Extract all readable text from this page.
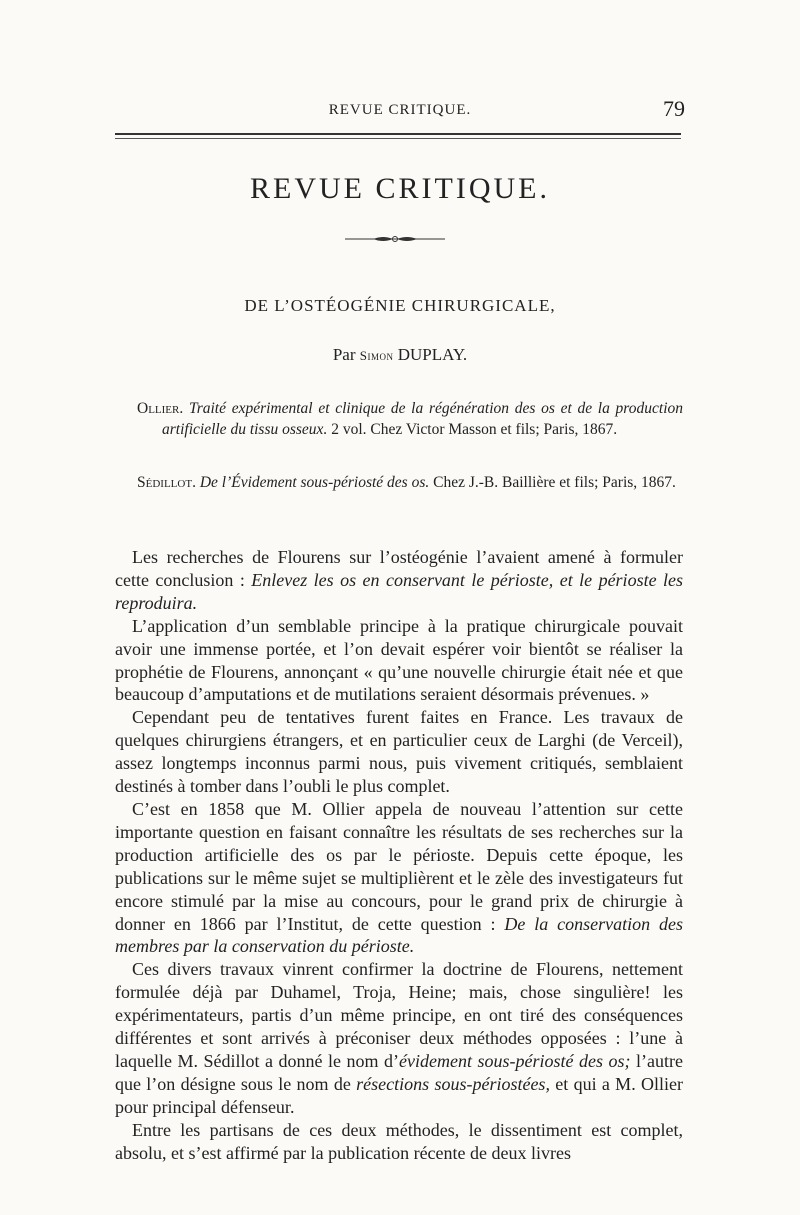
REVUE CRITIQUE.	79
REVUE CRITIQUE.
DE L’OSTÉOGÉNIE CHIRURGICALE,
Par Simon DUPLAY.
Ollier. Traité expérimental et clinique de la régénération des os et de la production artificielle du tissu osseux. 2 vol. Chez Victor Masson et fils; Paris, 1867.
Sédillot. De l’Évidement sous-périosté des os. Chez J.-B. Baillière et fils; Paris, 1867.

Les recherches de Flourens sur l’ostéogénie l’avaient amené à formuler cette conclusion : Enlevez les os en conservant le périoste, et le périoste les reproduira.

L’application d’un semblable principe à la pratique chirurgicale pouvait avoir une immense portée, et l’on devait espérer voir bientôt se réaliser la prophétie de Flourens, annonçant « qu’une nouvelle chirurgie était née et que beaucoup d’amputations et de mutilations seraient désormais prévenues. »

Cependant peu de tentatives furent faites en France. Les travaux de quelques chirurgiens étrangers, et en particulier ceux de Larghi (de Verceil), assez longtemps inconnus parmi nous, puis vivement critiqués, semblaient destinés à tomber dans l’oubli le plus complet.

C’est en 1858 que M. Ollier appela de nouveau l’attention sur cette importante question en faisant connaître les résultats de ses recherches sur la production artificielle des os par le périoste. Depuis cette époque, les publications sur le même sujet se multiplièrent et le zèle des investigateurs fut encore stimulé par la mise au concours, pour le grand prix de chirurgie à donner en 1866 par l’Institut, de cette question : De la conservation des membres par la conservation du périoste.

Ces divers travaux vinrent confirmer la doctrine de Flourens, nettement formulée déjà par Duhamel, Troja, Heine; mais, chose singulière! les expérimentateurs, partis d’un même principe, en ont tiré des conséquences différentes et sont arrivés à préconiser deux méthodes opposées : l’une à laquelle M. Sédillot a donné le nom d’évidement sous-périosté des os; l’autre que l’on désigne sous le nom de résections sous-périostées, et qui a M. Ollier pour principal défenseur.

Entre les partisans de ces deux méthodes, le dissentiment est complet, absolu, et s’est affirmé par la publication récente de deux livres
